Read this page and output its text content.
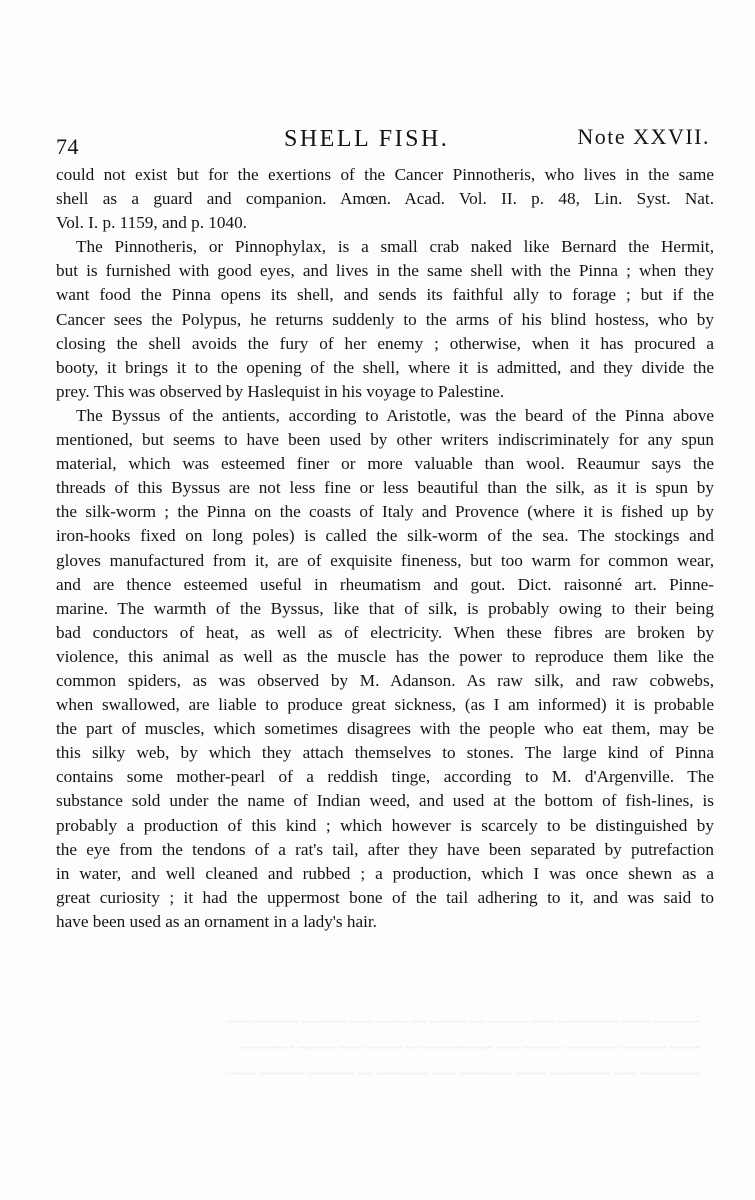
~~~~~~ ~~~~ ~~~~~~~~ ~~~ ~~~~~ ~~ ~~~~~ ~~ ~~~~ ~~~ ~~~~~~ ~~~~~~ ~~~
~~~~ ~~~~~~ ~~~~~~~ ~~~~~ ~~~ ~~~~~~~~~ ~~ ~~~~~ ~~~ ~~~~~ ~~~~~~~
~~~~~~~~ ~~~ ~~~~~~~~ ~~~~ ~~~~~~~ ~~~ ~~~~~~~ ~~ ~~~~~~ ~~~~~~ ~~~~
74	SHELL FISH.	Note XXVII.
could not exist but for the exertions of the Cancer Pinnotheris, who lives in the same
shell as a guard and companion. Amœn. Acad. Vol. II. p. 48, Lin. Syst. Nat.
Vol. I. p. 1159, and p. 1040.
The Pinnotheris, or Pinnophylax, is a small crab naked like Bernard the Hermit,
but is furnished with good eyes, and lives in the same shell with the Pinna ; when they
want food the Pinna opens its shell, and sends its faithful ally to forage ; but if the
Cancer sees the Polypus, he returns suddenly to the arms of his blind hostess, who by
closing the shell avoids the fury of her enemy ; otherwise, when it has procured a
booty, it brings it to the opening of the shell, where it is admitted, and they divide the
prey. This was observed by Haslequist in his voyage to Palestine.
The Byssus of the antients, according to Aristotle, was the beard of the Pinna above
mentioned, but seems to have been used by other writers indiscriminately for any spun
material, which was esteemed finer or more valuable than wool. Reaumur says the
threads of this Byssus are not less fine or less beautiful than the silk, as it is spun by
the silk-worm ; the Pinna on the coasts of Italy and Provence (where it is fished up by
iron-hooks fixed on long poles) is called the silk-worm of the sea. The stockings and
gloves manufactured from it, are of exquisite fineness, but too warm for common wear,
and are thence esteemed useful in rheumatism and gout. Dict. raisonné art. Pinne-
marine. The warmth of the Byssus, like that of silk, is probably owing to their being
bad conductors of heat, as well as of electricity. When these fibres are broken by
violence, this animal as well as the muscle has the power to reproduce them like the
common spiders, as was observed by M. Adanson. As raw silk, and raw cobwebs,
when swallowed, are liable to produce great sickness, (as I am informed) it is probable
the part of muscles, which sometimes disagrees with the people who eat them, may be
this silky web, by which they attach themselves to stones. The large kind of Pinna
contains some mother-pearl of a reddish tinge, according to M. d'Argenville. The
substance sold under the name of Indian weed, and used at the bottom of fish-lines, is
probably a production of this kind ; which however is scarcely to be distinguished by
the eye from the tendons of a rat's tail, after they have been separated by putrefaction
in water, and well cleaned and rubbed ; a production, which I was once shewn as a
great curiosity ; it had the uppermost bone of the tail adhering to it, and was said to
have been used as an ornament in a lady's hair.
